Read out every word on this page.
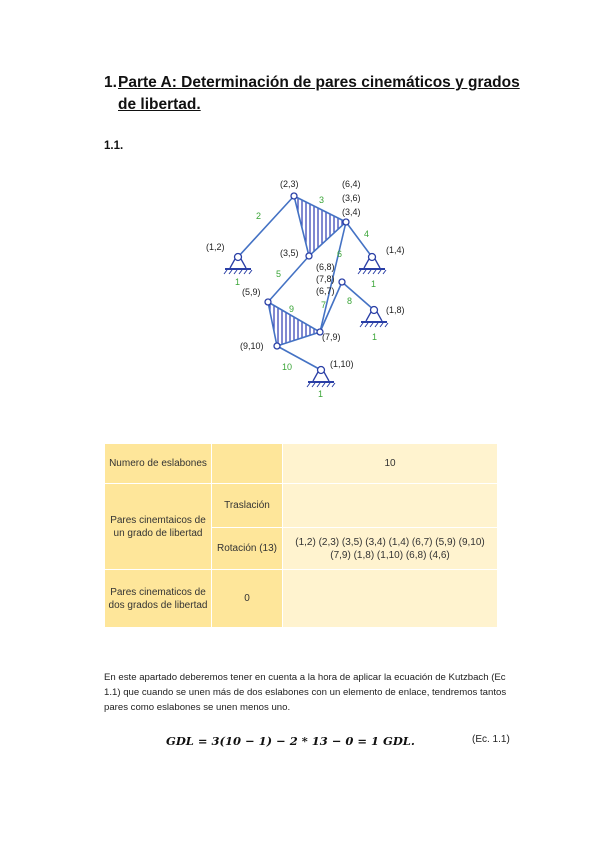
1. Parte A: Determinación de pares cinemáticos y grados de libertad.
1.1.
(2,3)	(6,4)
(3,6)
(3,4)
(1,2)	(1,4)
(3,5)
(6,8)
(7,8)
(6,7)
(5,9)
(1,8)
(7,9)
(9,10)
(1,10)
2
3
4
5
6
7 8
9
10
1	1
1
1
Numero de eslabones		10
Pares cinemtaicos de un grado de libertad	Traslación	
	Rotación (13)	(1,2) (2,3) (3,5) (3,4) (1,4) (6,7) (5,9) (9,10) (7,9) (1,8) (1,10) (6,8) (4,6)
Pares cinematicos de dos grados de libertad	0	

En este apartado deberemos tener en cuenta a la hora de aplicar la ecuación de Kutzbach (Ec 1.1) que cuando se unen más de dos eslabones con un elemento de enlace, tendremos tantos pares como eslabones se unen menos uno.

GDL = 3(10 − 1) − 2 * 13 − 0 = 1 GDL.	(Ec. 1.1)
